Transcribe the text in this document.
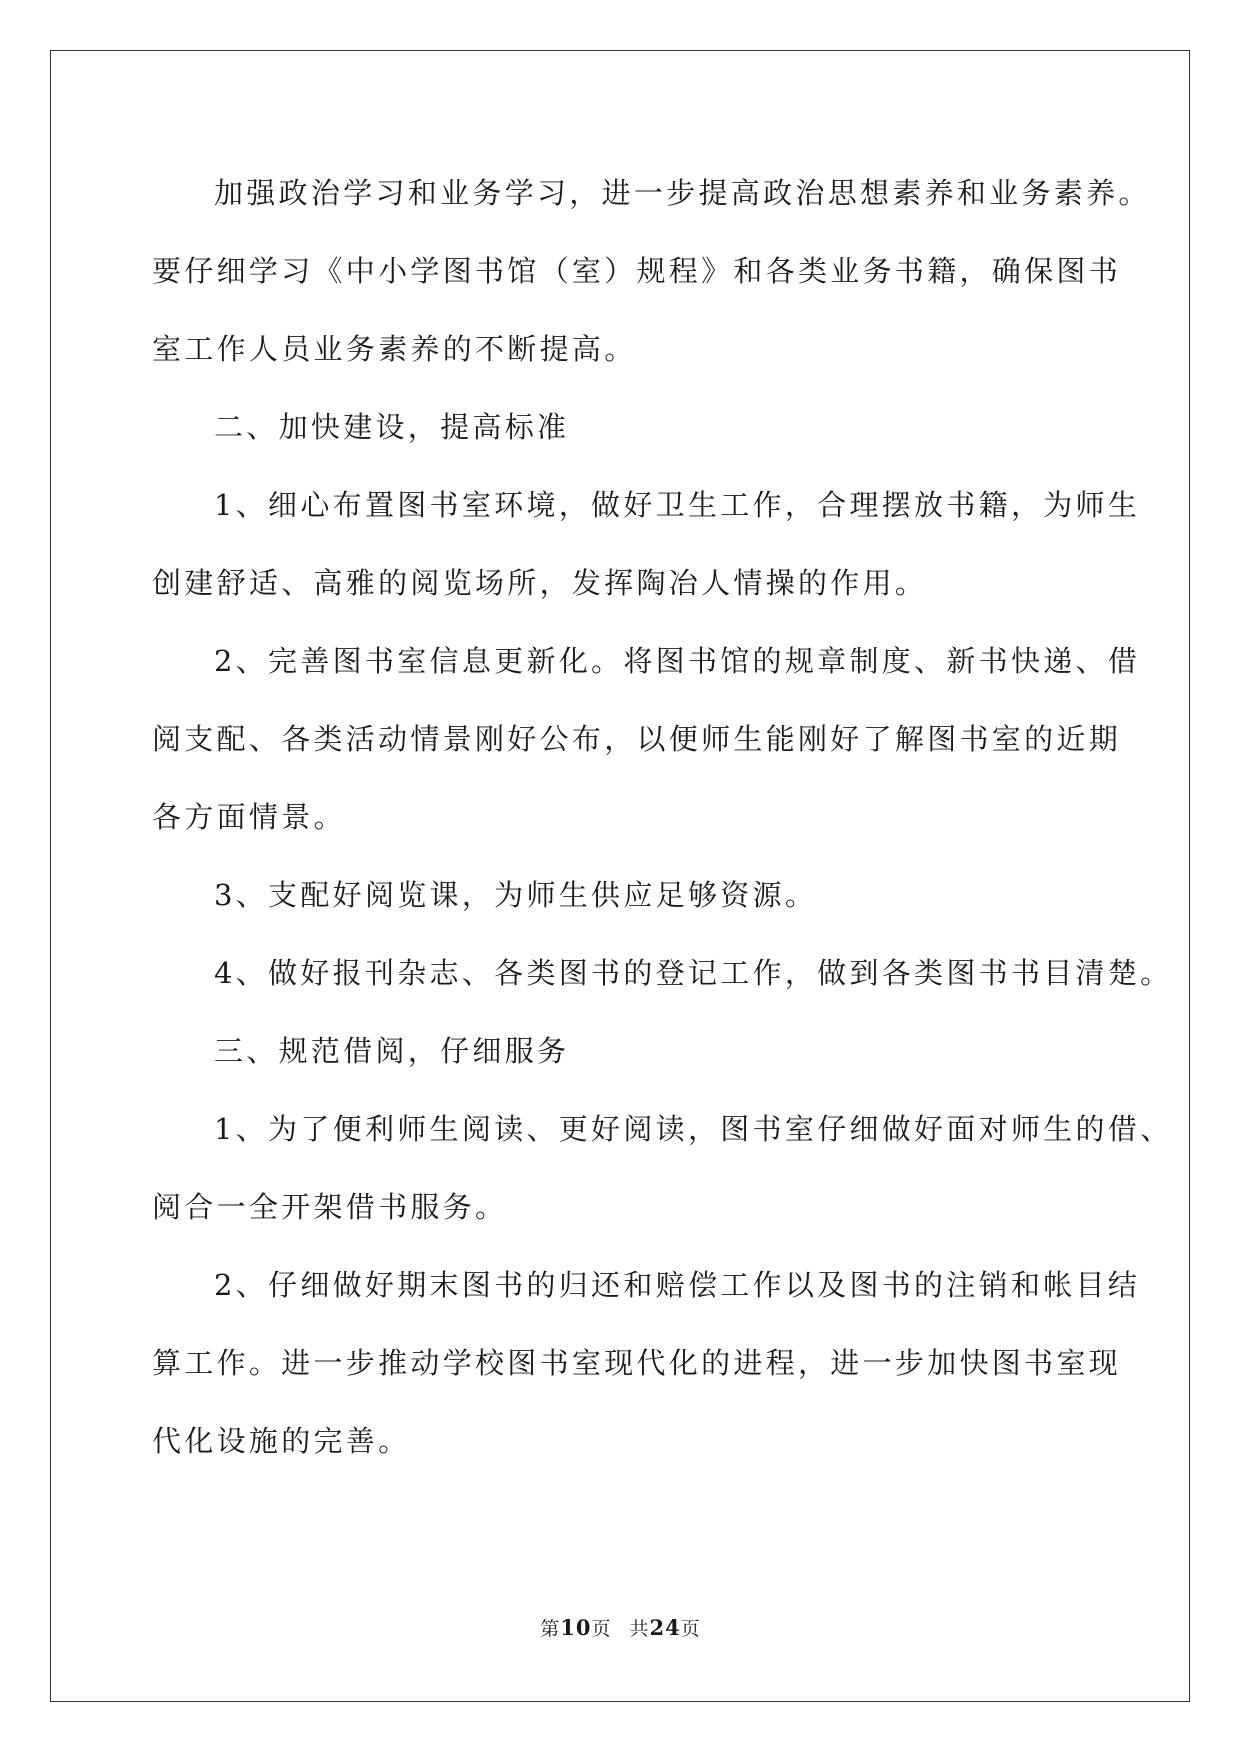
加强政治学习和业务学习，进一步提高政治思想素养和业务素养。
要仔细学习《中小学图书馆（室）规程》和各类业务书籍，确保图书
室工作人员业务素养的不断提高。
二、加快建设，提高标准
1、细心布置图书室环境，做好卫生工作，合理摆放书籍，为师生
创建舒适、高雅的阅览场所，发挥陶冶人情操的作用。
2、完善图书室信息更新化。将图书馆的规章制度、新书快递、借
阅支配、各类活动情景刚好公布，以便师生能刚好了解图书室的近期
各方面情景。
3、支配好阅览课，为师生供应足够资源。
4、做好报刊杂志、各类图书的登记工作，做到各类图书书目清楚。
三、规范借阅，仔细服务
1、为了便利师生阅读、更好阅读，图书室仔细做好面对师生的借、
阅合一全开架借书服务。
2、仔细做好期末图书的归还和赔偿工作以及图书的注销和帐目结
算工作。进一步推动学校图书室现代化的进程，进一步加快图书室现
代化设施的完善。
第10页 共24页
